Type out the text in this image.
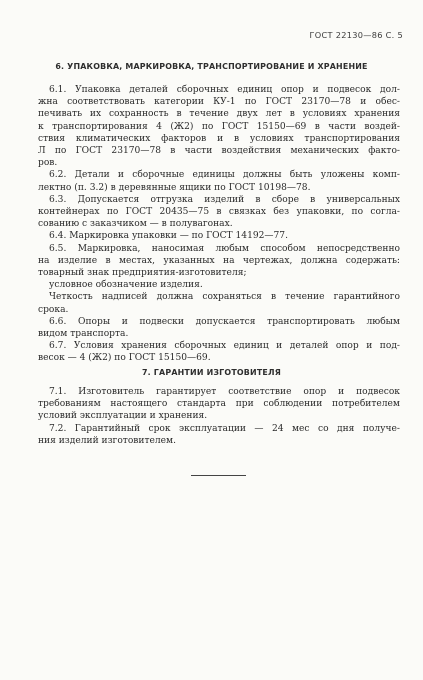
ГОСТ 22130—86 С. 5
6. УПАКОВКА, МАРКИРОВКА, ТРАНСПОРТИРОВАНИЕ И ХРАНЕНИЕ
6.1. Упаковка деталей сборочных единиц опор и подвесок дол-
жна соответствовать категории КУ-1 по ГОСТ 23170—78 и обес-
печивать их сохранность в течение двух лет в условиях хранения
к транспортирования 4 (Ж2) по ГОСТ 15150—69 в части воздей-
ствия климатических факторов и в условиях транспортирования
Л по ГОСТ 23170—78 в части воздействия механических факто-
ров.
6.2. Детали и сборочные единицы должны быть уложены комп-
лектно (п. 3.2) в деревянные ящики по ГОСТ 10198—78.
6.3. Допускается отгрузка изделий в сборе в универсальных
контейнерах по ГОСТ 20435—75 в связках без упаковки, по согла-
сованию с заказчиком — в полувагонах.
6.4. Маркировка упаковки — по ГОСТ 14192—77.
6.5. Маркировка, наносимая любым способом непосредственно
на изделие в местах, указанных на чертежах, должна содержать:
товарный знак предприятия-изготовителя;
условное обозначение изделия.
Четкость надписей должна сохраняться в течение гарантийного
срока.
6.6. Опоры и подвески допускается транспортировать любым
видом транспорта.
6.7. Условия хранения сборочных единиц и деталей опор и под-
весок — 4 (Ж2) по ГОСТ 15150—69.
7. ГАРАНТИИ ИЗГОТОВИТЕЛЯ
7.1. Изготовитель гарантирует соответствие опор и подвесок
требованиям настоящего стандарта при соблюдении потребителем
условий эксплуатации и хранения.
7.2. Гарантийный срок эксплуатации — 24 мес со дня получе-
ния изделий изготовителем.
